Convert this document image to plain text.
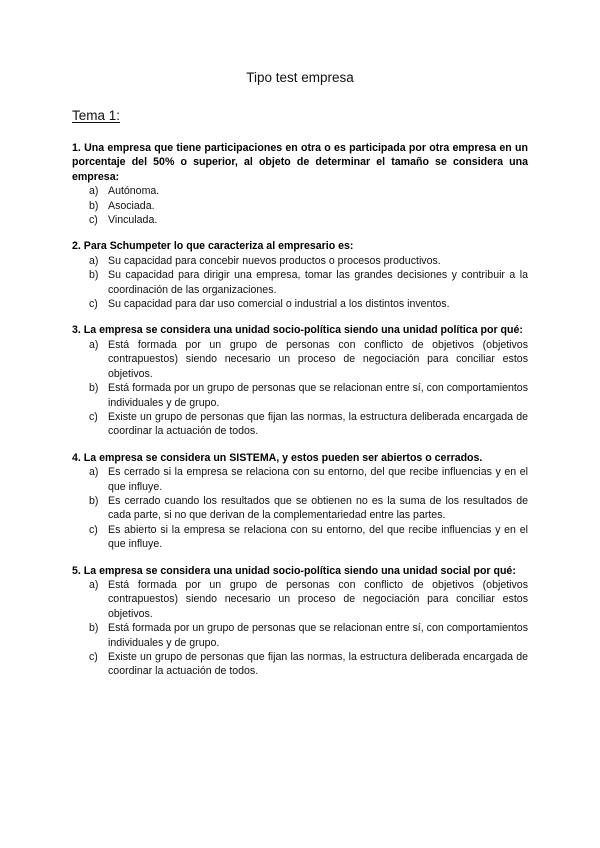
Tipo test empresa
Tema 1:

1. Una empresa que tiene participaciones en otra o es participada por otra empresa en un porcentaje del 50% o superior, al objeto de determinar el tamaño se considera una empresa:

a) Autónoma.
b) Asociada.
c) Vinculada.

2. Para Schumpeter lo que caracteriza al empresario es:

a) Su capacidad para concebir nuevos productos o procesos productivos.
b) Su capacidad para dirigir una empresa, tomar las grandes decisiones y contribuir a la coordinación de las organizaciones.
c) Su capacidad para dar uso comercial o industrial a los distintos inventos.

3. La empresa se considera una unidad socio-política siendo una unidad política por qué:

a) Está formada por un grupo de personas con conflicto de objetivos (objetivos contrapuestos) siendo necesario un proceso de negociación para conciliar estos objetivos.
b) Está formada por un grupo de personas que se relacionan entre sí, con comportamientos individuales y de grupo.
c) Existe un grupo de personas que fijan las normas, la estructura deliberada encargada de coordinar la actuación de todos.

4. La empresa se considera un SISTEMA, y estos pueden ser abiertos o cerrados.

a) Es cerrado si la empresa se relaciona con su entorno, del que recibe influencias y en el que influye.
b) Es cerrado cuando los resultados que se obtienen no es la suma de los resultados de cada parte, si no que derivan de la complementariedad entre las partes.
c) Es abierto si la empresa se relaciona con su entorno, del que recibe influencias y en el que influye.

5. La empresa se considera una unidad socio-política siendo una unidad social por qué:

a) Está formada por un grupo de personas con conflicto de objetivos (objetivos contrapuestos) siendo necesario un proceso de negociación para conciliar estos objetivos.
b) Está formada por un grupo de personas que se relacionan entre sí, con comportamientos individuales y de grupo.
c) Existe un grupo de personas que fijan las normas, la estructura deliberada encargada de coordinar la actuación de todos.
